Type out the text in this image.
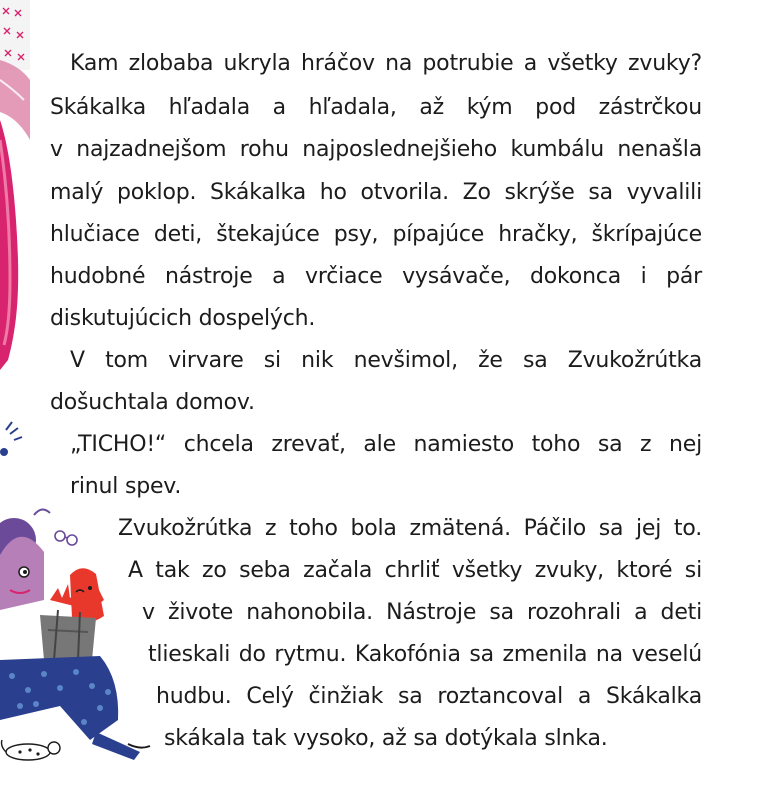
Kam zlobaba ukryla hráčov na potrubie a všetky zvuky?
Skákalka hľadala a hľadala, až kým pod zástrčkou
v najzadnejšom rohu najposlednejšieho kumbálu nenašla
malý poklop. Skákalka ho otvorila. Zo skrýše sa vyvalili
hlučiace deti, štekajúce psy, pípajúce hračky, škrípajúce
hudobné nástroje a vrčiace vysávače, dokonca i pár
diskutujúcich dospelých.
V tom virvare si nik nevšimol, že sa Zvukožrútka
došuchtala domov.
„TICHO!“ chcela zrevať, ale namiesto toho sa z nej
rinul spev.
Zvukožrútka z toho bola zmätená. Páčilo sa jej to.
A tak zo seba začala chrliť všetky zvuky, ktoré si
v živote nahonobila. Nástroje sa rozohrali a deti
tlieskali do rytmu. Kakofónia sa zmenila na veselú
hudbu. Celý činžiak sa roztancoval a Skákalka
skákala tak vysoko, až sa dotýkala slnka.
